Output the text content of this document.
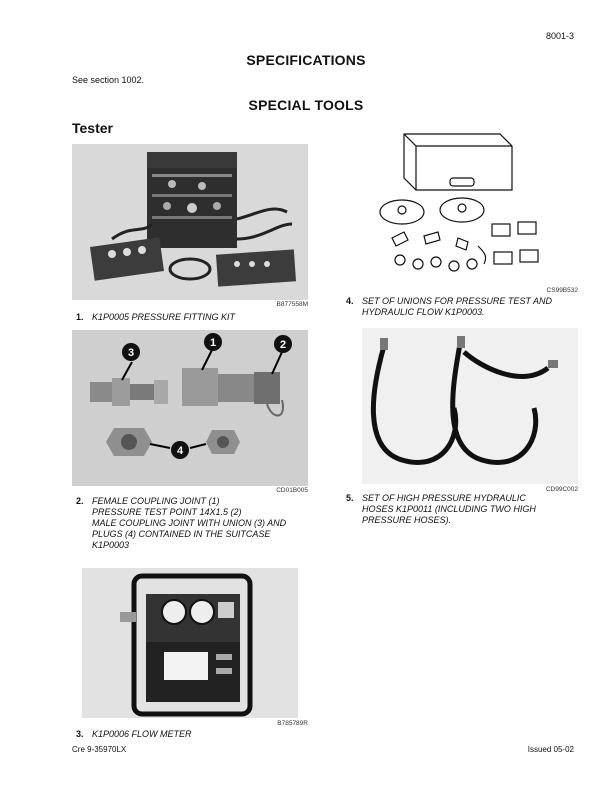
8001-3
SPECIFICATIONS
See section 1002.
SPECIAL TOOLS
Tester
B877558M
1. K1P0005 PRESSURE FITTING KIT
3
1	2
4
CD01B005
2. FEMALE COUPLING JOINT (1)
PRESSURE TEST POINT 14X1.5 (2)
MALE COUPLING JOINT WITH UNION (3) AND
PLUGS (4) CONTAINED IN THE SUITCASE
K1P0003
B785789R
3. K1P0006 FLOW METER
CS99B532
4. SET OF UNIONS FOR PRESSURE TEST AND
HYDRAULIC FLOW K1P0003.
CD99C002
5. SET OF HIGH PRESSURE HYDRAULIC
HOSES K1P0011 (INCLUDING TWO HIGH
PRESSURE HOSES).
Cre 9-35970LX	Issued 05-02
